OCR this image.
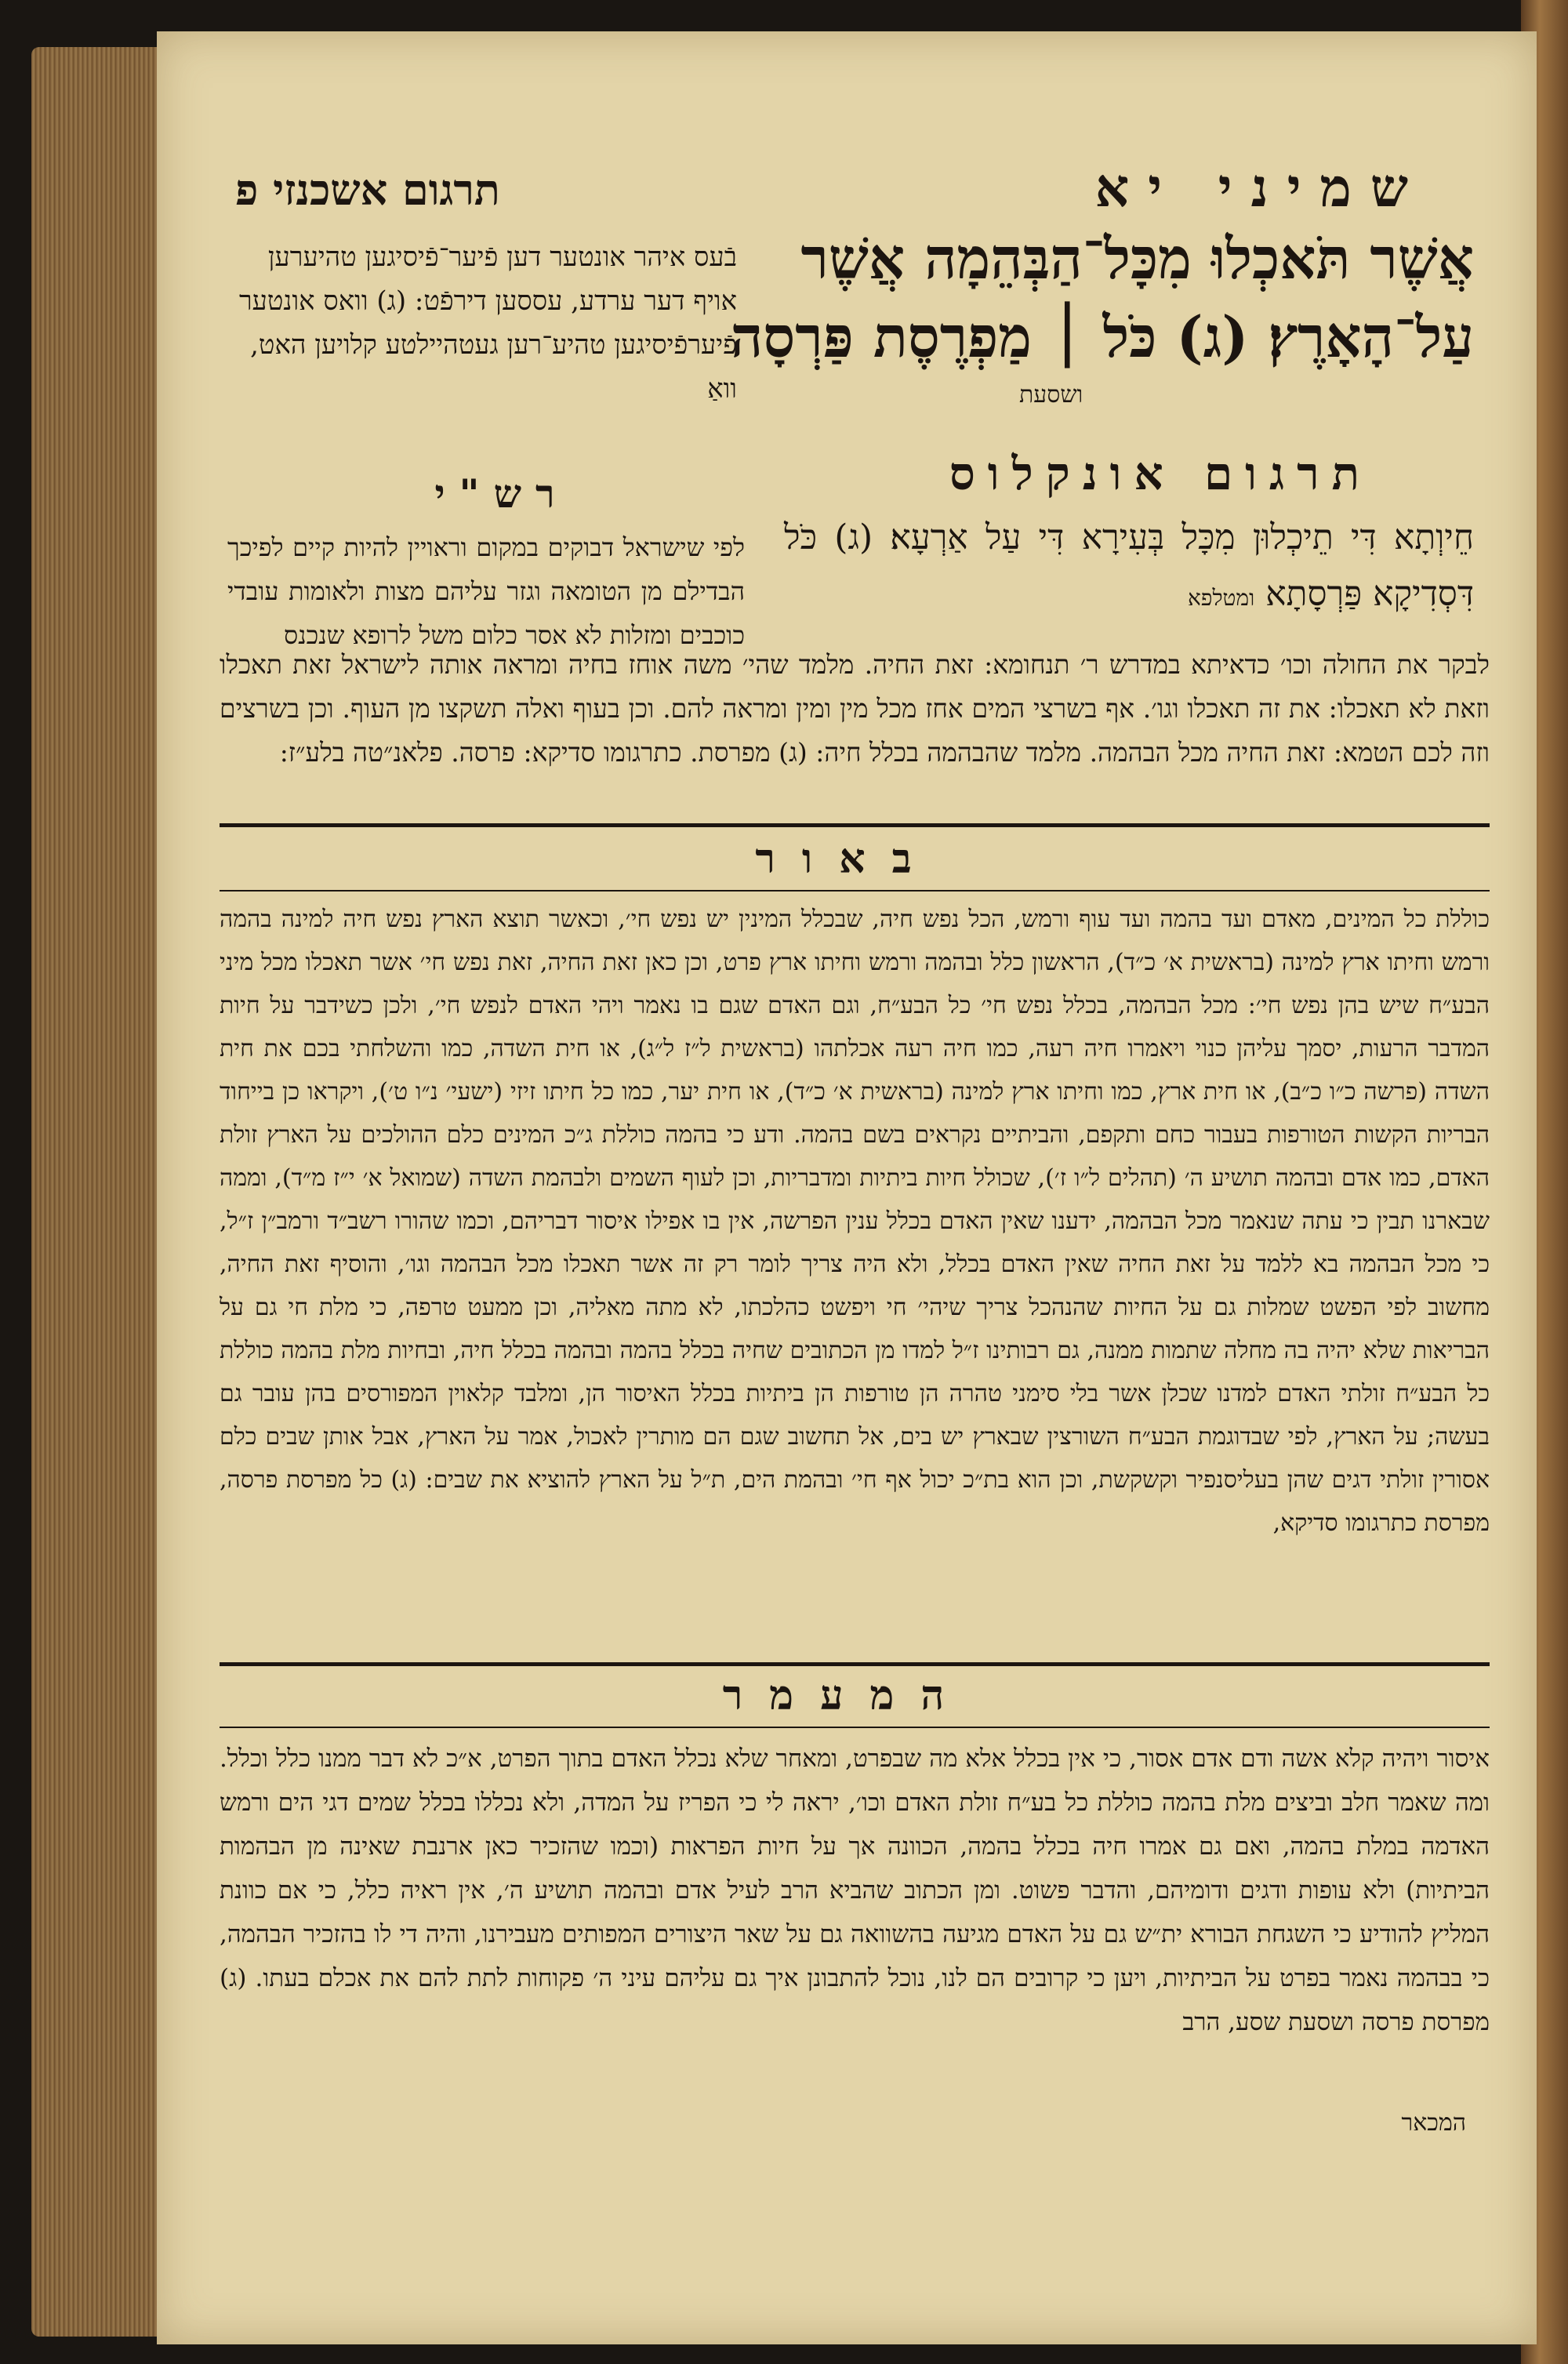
שמיני יא
תרגום אשכנזי פ
אֲשֶׁר תֹּאכְלוּ מִכָּל־הַבְּהֵמָה אֲשֶׁר
עַל־הָאָרֶץ׃ (ג) כֹּל ׀ מַפְרֶסֶת פַּרְסָה
ושסעת
בֿעס איהר אונטער דען פֿיער־פֿיסיגען טהיערען אויף דער ערדע, עססען דירפֿט: (ג) וואס אונטער פֿיערפֿיסיגען טהיע־רען געטהיילטע קלויען האט, וואַ
רש"י
לפי שישראל דבוקים במקום וראויין להיות קיים לפיכך הבדילם מן הטומאה וגזר עליהם מצות ולאומות עובדי כוכבים ומזלות לא אסר כלום משל לרופא שנכנס
תרגום אונקלוס
חֵיוְתָא דִּי תֵיכְלוּן מִכָּל בְּעִירָא דִּי עַל אַרְעָא׃ (ג) כֹּל דִּסְדִיקָא פַּרְסָתָא ומטלפא
לבקר את החולה וכו׳ כדאיתא במדרש ר׳ תנחומא: זאת החיה. מלמד שהי׳ משה אוחז בחיה ומראה אותה לישראל זאת תאכלו וזאת לא תאכלו: את זה תאכלו וגו׳. אף בשרצי המים אחז מכל מין ומין ומראה להם. וכן בעוף ואלה תשקצו מן העוף. וכן בשרצים וזה לכם הטמא: זאת החיה מכל הבהמה. מלמד שהבהמה בכלל חיה: (ג) מפרסת. כתרגומו סדיקא: פרסה. פלאנ״טה בלע״ז:
באור
כוללת כל המינים, מאדם ועד בהמה ועד עוף ורמש, הכל נפש חיה, שבכלל המינין יש נפש חי׳, וכאשר תוצא הארץ נפש חיה למינה בהמה ורמש וחיתו ארץ למינה (בראשית א׳ כ״ד), הראשון כלל ובהמה ורמש וחיתו ארץ פרט, וכן כאן זאת החיה, זאת נפש חי׳ אשר תאכלו מכל מיני הבע״ח שיש בהן נפש חי׳: מכל הבהמה, בכלל נפש חי׳ כל הבע״ח, וגם האדם שגם בו נאמר ויהי האדם לנפש חי׳, ולכן כשידבר על חיות המדבר הרעות, יסמך עליהן כנוי ויאמרו חיה רעה, כמו חיה רעה אכלתהו (בראשית ל״ז ל״ג), או חית השדה, כמו והשלחתי בכם את חית השדה (פרשה כ״ו כ״ב), או חית ארץ, כמו וחיתו ארץ למינה (בראשית א׳ כ״ד), או חית יער, כמו כל חיתו זיזי (ישעי׳ נ״ו ט׳), ויקראו כן בייחוד הבריות הקשות הטורפות בעבור כחם ותקפם, והביתיים נקראים בשם בהמה. ודע כי בהמה כוללת ג״כ המינים כלם ההולכים על הארץ זולת האדם, כמו אדם ובהמה תושיע ה׳ (תהלים ל״ו ז׳), שכולל חיות ביתיות ומדבריות, וכן לעוף השמים ולבהמת השדה (שמואל א׳ י״ז מ״ד), וממה שבארנו תבין כי עתה שנאמר מכל הבהמה, ידענו שאין האדם בכלל ענין הפרשה, אין בו אפילו איסור דבריהם, וכמו שהורו רשב״ד ורמב״ן ז״ל, כי מכל הבהמה בא ללמד על זאת החיה שאין האדם בכלל, ולא היה צריך לומר רק זה אשר תאכלו מכל הבהמה וגו׳, והוסיף זאת החיה, מחשוב לפי הפשט שמלות גם על החיות שהנהכל צריך שיהי׳ חי ויפשט כהלכתו, לא מתה מאליה, וכן ממעט טרפה, כי מלת חי גם על הבריאות שלא יהיה בה מחלה שתמות ממנה, גם רבותינו ז״ל למדו מן הכתובים שחיה בכלל בהמה ובהמה בכלל חיה, ובחיות מלת בהמה כוללת כל הבע״ח זולתי האדם למדנו שכלן אשר בלי סימני טהרה הן טורפות הן ביתיות בכלל האיסור הן, ומלבד קלאוין המפורסים בהן עובר גם בעשה; על הארץ, לפי שבדוגמת הבע״ח השורצין שבארץ יש בים, אל תחשוב שגם הם מותרין לאכול, אמר על הארץ, אבל אותן שבים כלם אסורין זולתי דגים שהן בעליסנפיר וקשקשת, וכן הוא בת״כ יכול אף חי׳ ובהמת הים, ת״ל על הארץ להוציא את שבים: (ג) כל מפרסת פרסה, מפרסת כתרגומו סדיקא,
המעמר
איסור ויהיה קלא אשה ודם אדם אסור, כי אין בכלל אלא מה שבפרט, ומאחר שלא נכלל האדם בתוך הפרט, א״כ לא דבר ממנו כלל וכלל. ומה שאמר חלב וביצים מלת בהמה כוללת כל בע״ח זולת האדם וכו׳, יראה לי כי הפריז על המדה, ולא נכללו בכלל שמים דגי הים ורמש האדמה במלת בהמה, ואם גם אמרו חיה בכלל בהמה, הכוונה אך על חיות הפראות (וכמו שהזכיר כאן ארנבת שאינה מן הבהמות הביתיות) ולא עופות ודגים ודומיהם, והדבר פשוט. ומן הכתוב שהביא הרב לעיל אדם ובהמה תושיע ה׳, אין ראיה כלל, כי אם כוונת המליץ להודיע כי השגחת הבורא ית״ש גם על האדם מגיעה בהשוואה גם על שאר היצורים המפותים מעבירנו, והיה די לו בהזכיר הבהמה, כי בבהמה נאמר בפרט על הביתיות, ויען כי קרובים הם לנו, נוכל להתבונן איך גם עליהם עיני ה׳ פקוחות לתת להם את אכלם בעתו. (ג) מפרסת פרסה ושסעת שסע, הרב
המכאר
